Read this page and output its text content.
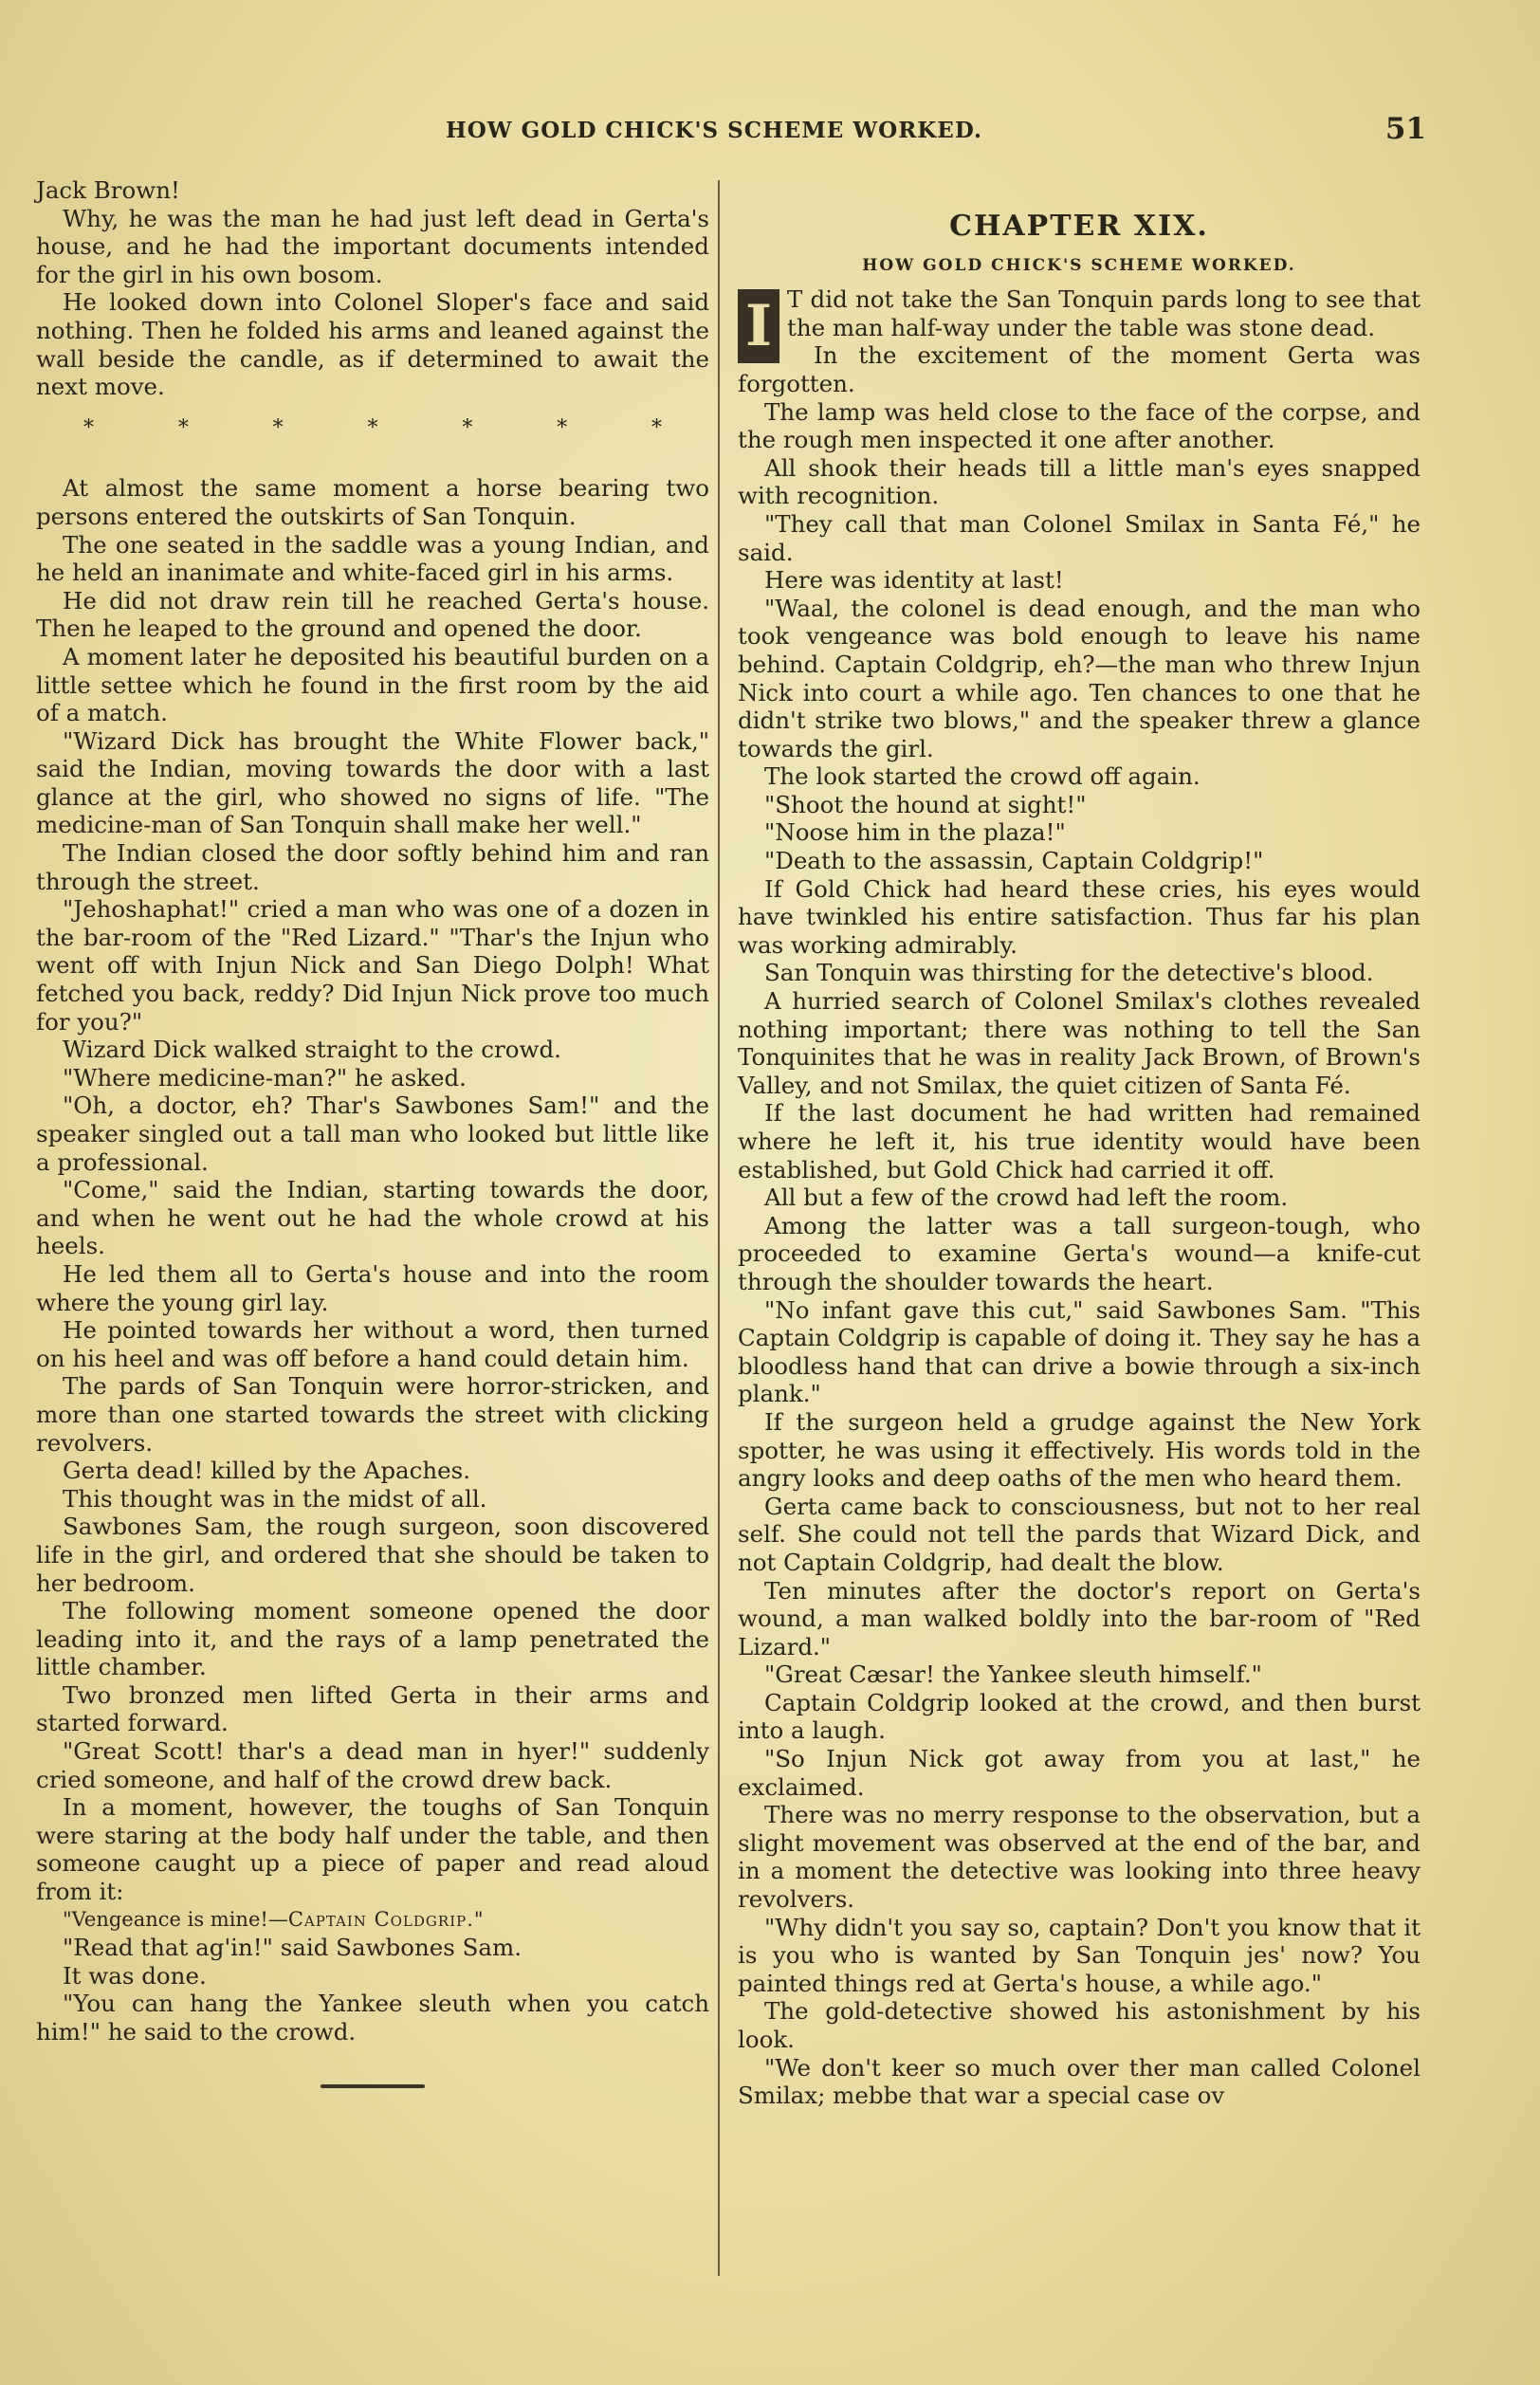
HOW GOLD CHICK'S SCHEME WORKED.	51

Jack Brown!

Why, he was the man he had just left dead in Gerta's house, and he had the important documents intended for the girl in his own bosom.

He looked down into Colonel Sloper's face and said nothing. Then he folded his arms and leaned against the wall beside the candle, as if determined to await the next move.

*	*	*	*	*	*	*

At almost the same moment a horse bearing two persons entered the outskirts of San Tonquin.

The one seated in the saddle was a young Indian, and he held an inanimate and white-faced girl in his arms.

He did not draw rein till he reached Gerta's house. Then he leaped to the ground and opened the door.

A moment later he deposited his beautiful burden on a little settee which he found in the first room by the aid of a match.

"Wizard Dick has brought the White Flower back," said the Indian, moving towards the door with a last glance at the girl, who showed no signs of life. "The medicine-man of San Tonquin shall make her well."

The Indian closed the door softly behind him and ran through the street.

"Jehoshaphat!" cried a man who was one of a dozen in the bar-room of the "Red Lizard." "Thar's the Injun who went off with Injun Nick and San Diego Dolph! What fetched you back, reddy? Did Injun Nick prove too much for you?"

Wizard Dick walked straight to the crowd.

"Where medicine-man?" he asked.

"Oh, a doctor, eh? Thar's Sawbones Sam!" and the speaker singled out a tall man who looked but little like a professional.

"Come," said the Indian, starting towards the door, and when he went out he had the whole crowd at his heels.

He led them all to Gerta's house and into the room where the young girl lay.

He pointed towards her without a word, then turned on his heel and was off before a hand could detain him.

The pards of San Tonquin were horror-stricken, and more than one started towards the street with clicking revolvers.

Gerta dead! killed by the Apaches.

This thought was in the midst of all.

Sawbones Sam, the rough surgeon, soon discovered life in the girl, and ordered that she should be taken to her bedroom.

The following moment someone opened the door leading into it, and the rays of a lamp penetrated the little chamber.

Two bronzed men lifted Gerta in their arms and started forward.

"Great Scott! thar's a dead man in hyer!" suddenly cried someone, and half of the crowd drew back.

In a moment, however, the toughs of San Tonquin were staring at the body half under the table, and then someone caught up a piece of paper and read aloud from it:

"Vengeance is mine!—Captain Coldgrip."

"Read that ag'in!" said Sawbones Sam.

It was done.

"You can hang the Yankee sleuth when you catch him!" he said to the crowd.

CHAPTER XIX.
HOW GOLD CHICK'S SCHEME WORKED.

I T did not take the San Tonquin pards long to see that the man half-way under the table was stone dead.

In the excitement of the moment Gerta was forgotten.

The lamp was held close to the face of the corpse, and the rough men inspected it one after another.

All shook their heads till a little man's eyes snapped with recognition.

"They call that man Colonel Smilax in Santa Fé," he said.

Here was identity at last!

"Waal, the colonel is dead enough, and the man who took vengeance was bold enough to leave his name behind. Captain Coldgrip, eh?—the man who threw Injun Nick into court a while ago. Ten chances to one that he didn't strike two blows," and the speaker threw a glance towards the girl.

The look started the crowd off again.

"Shoot the hound at sight!"

"Noose him in the plaza!"

"Death to the assassin, Captain Coldgrip!"

If Gold Chick had heard these cries, his eyes would have twinkled his entire satisfaction. Thus far his plan was working admirably.

San Tonquin was thirsting for the detective's blood.

A hurried search of Colonel Smilax's clothes revealed nothing important; there was nothing to tell the San Tonquinites that he was in reality Jack Brown, of Brown's Valley, and not Smilax, the quiet citizen of Santa Fé.

If the last document he had written had remained where he left it, his true identity would have been established, but Gold Chick had carried it off.

All but a few of the crowd had left the room.

Among the latter was a tall surgeon-tough, who proceeded to examine Gerta's wound—a knife-cut through the shoulder towards the heart.

"No infant gave this cut," said Sawbones Sam. "This Captain Coldgrip is capable of doing it. They say he has a bloodless hand that can drive a bowie through a six-inch plank."

If the surgeon held a grudge against the New York spotter, he was using it effectively. His words told in the angry looks and deep oaths of the men who heard them.

Gerta came back to consciousness, but not to her real self. She could not tell the pards that Wizard Dick, and not Captain Coldgrip, had dealt the blow.

Ten minutes after the doctor's report on Gerta's wound, a man walked boldly into the bar-room of "Red Lizard."

"Great Cæsar! the Yankee sleuth himself."

Captain Coldgrip looked at the crowd, and then burst into a laugh.

"So Injun Nick got away from you at last," he exclaimed.

There was no merry response to the observation, but a slight movement was observed at the end of the bar, and in a moment the detective was looking into three heavy revolvers.

"Why didn't you say so, captain? Don't you know that it is you who is wanted by San Tonquin jes' now? You painted things red at Gerta's house, a while ago."

The gold-detective showed his astonishment by his look.

"We don't keer so much over ther man called Colonel Smilax; mebbe that war a special case ov
